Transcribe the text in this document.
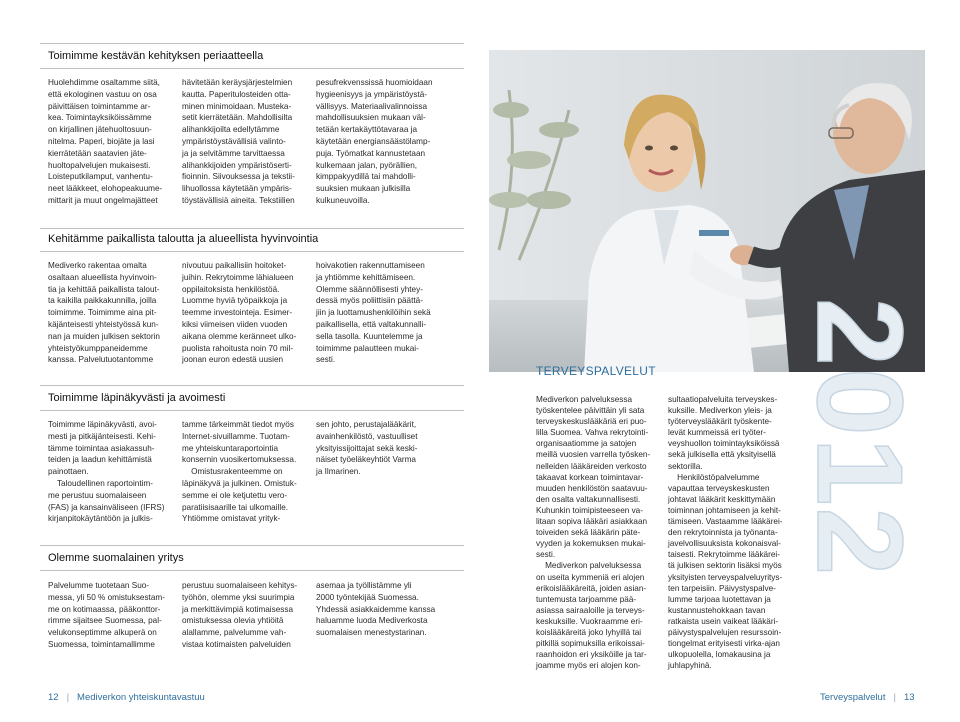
Toimimme kestävän kehityksen periaatteella
Huolehdimme osaltamme siitä,
että ekologinen vastuu on osa
päivittäisen toimintamme ar-
kea. Toimintayksiköissämme
on kirjallinen jätehuoltosuun-
nitelma. Paperi, biojäte ja lasi
kierrätetään saatavien jäte-
huoltopalvelujen mukaisesti.
Loisteputkilamput, vanhentu-
neet lääkkeet, elohopeakuume-
mittarit ja muut ongelmajätteet
hävitetään keräysjärjestelmien
kautta. Paperitulosteiden otta-
minen minimoidaan. Musteka-
setit kierrätetään. Mahdollisilta
alihankkijoilta edellytämme
ympäristöystävällisiä valinto-
ja ja selvitämme tarvittaessa
alihankkijoiden ympäristöserti-
fioinnin. Siivouksessa ja tekstii-
lihuollossa käytetään ympäris-
töystävällisiä aineita. Tekstiilien
pesufrekvenssissä huomioidaan
hygieenisyys ja ympäristöystä-
vällisyys. Materiaalivalinnoissa
mahdollisuuksien mukaan väl-
tetään kertakäyttötavaraa ja
käytetään energiansäästölamp-
puja. Työmatkat kannustetaan
kulkemaan jalan, pyörällien,
kimppakyydillä tai mahdolli-
suuksien mukaan julkisilla
kulkuneuvoilla.
Kehitämme paikallista taloutta ja alueellista hyvinvointia
Mediverko rakentaa omalta
osaltaan alueellista hyvinvoin-
tia ja kehittää paikallista talout-
ta kaikilla paikkakunnilla, joilla
toimimme. Toimimme aina pit-
käjänteisesti yhteistyössä kun-
nan ja muiden julkisen sektorin
yhteistyökumppaneidemme
kanssa. Palvelutuotantomme
nivoutuu paikallisiin hoitoket-
juihin. Rekrytoimme lähialueen
oppilaitoksista henkilöstöä.
Luomme hyviä työpaikkoja ja
teemme investointeja. Esimer-
kiksi viimeisen viiden vuoden
aikana olemme keränneet ulko-
puolista rahoitusta noin 70 mil-
joonan euron edestä uusien
hoivakotien rakennuttamiseen
ja yhtiömme kehittämiseen.
Olemme säännöllisesti yhtey-
dessä myös poliittisiin päättä-
jiin ja luottamushenkilöihin sekä
paikallisella, että valtakunnalli-
sella tasolla. Kuuntelemme ja
toimimme palautteen mukai-
sesti.
Toimimme läpinäkyvästi ja avoimesti
Toimimme läpinäkyvästi, avoi-
mesti ja pitkäjänteisesti. Kehi-
tämme toimintaa asiakassuh-
teiden ja laadun kehittämistä
painottaen.
Taloudellinen raportointim-
me perustuu suomalaiseen
(FAS) ja kansainväliseen (IFRS)
kirjanpitokäytäntöön ja julkis-
tamme tärkeimmät tiedot myös
Internet-sivuillamme. Tuotam-
me yhteiskuntaraportointia
konsernin vuosikertomuksessa.
Omistusrakenteemme on
läpinäkyvä ja julkinen. Omistuk-
semme ei ole ketjutettu vero-
paratiisisaarille tai ulkomaille.
Yhtiömme omistavat yrityk-
sen johto, perustajalääkärit,
avainhenkilöstö, vastuulliset
yksityissijoittajat sekä keski-
näiset työeläkeyhtiöt Varma
ja Ilmarinen.
Olemme suomalainen yritys
Palvelumme tuotetaan Suo-
messa, yli 50 % omistuksestam-
me on kotimaassa, pääkonttor-
rimme sijaitsee Suomessa, pal-
velukonseptimme alkuperä on
Suomessa, toimintamallimme
perustuu suomalaiseen kehitys-
työhön, olemme yksi suurimpia
ja merkittävimpiä kotimaisessa
omistuksessa olevia yhtiöitä
alallamme, palvelumme vah-
vistaa kotimaisten palveluiden
asemaa ja työllistämme yli
2000 työntekijää Suomessa.
Yhdessä asiakkaidemme kanssa
haluamme luoda Mediverkosta
suomalaisen menestystarinan.
12 | Mediverkon yhteiskuntavastuu
2012
TERVEYSPALVELUT
Mediverkon palveluksessa
työskentelee päivittäin yli sata
terveyskeskuslääkäriä eri puo-
lilla Suomea. Vahva rekrytointi-
organisaatiomme ja satojen
meillä vuosien varrella työsken-
nelleiden lääkäreiden verkosto
takaavat korkean toimintavar-
muuden henkilöstön saatavuu-
den osalta valtakunnallisesti.
Kuhunkin toimipisteeseen va-
litaan sopiva lääkäri asiakkaan
toiveiden sekä lääkärin päte-
vyyden ja kokemuksen mukai-
sesti.
Mediverkon palveluksessa
on useita kymmeniä eri alojen
erikoislääkäreitä, joiden asian-
tuntemusta tarjoamme pää-
asiassa sairaaloille ja terveys-
keskuksille. Vuokraamme eri-
koislääkäreitä joko lyhyillä tai
pitkillä sopimuksilla erikoissai-
raanhoidon eri yksiköille ja tar-
joamme myös eri alojen kon-
sultaatiopalveluita terveyskes-
kuksille. Mediverkon yleis- ja
työterveyslääkärit työskente-
levät kummeissä eri työter-
veyshuollon toimintayksiköissä
sekä julkisella että yksityisellä
sektorilla.
Henkilöstöpalvelumme
vapauttaa terveyskeskusten
johtavat lääkärit keskittymään
toiminnan johtamiseen ja kehit-
tämiseen. Vastaamme lääkärei-
den rekrytoinnista ja työnanta-
javelvollisuuksista kokonaisval-
taisesti. Rekrytoimme lääkärei-
tä julkisen sektorin lisäksi myös
yksityisten terveyspalveluyritys-
ten tarpeisiin. Päivystyspalve-
lumme tarjoaa luotettavan ja
kustannustehokkaan tavan
ratkaista usein vaikeat lääkäri-
päivystyspalvelujen resurssoin-
tiongelmat erityisesti virka-ajan
ulkopuolella, lomakausina ja
juhlapyhinä.
Terveyspalvelut | 13
